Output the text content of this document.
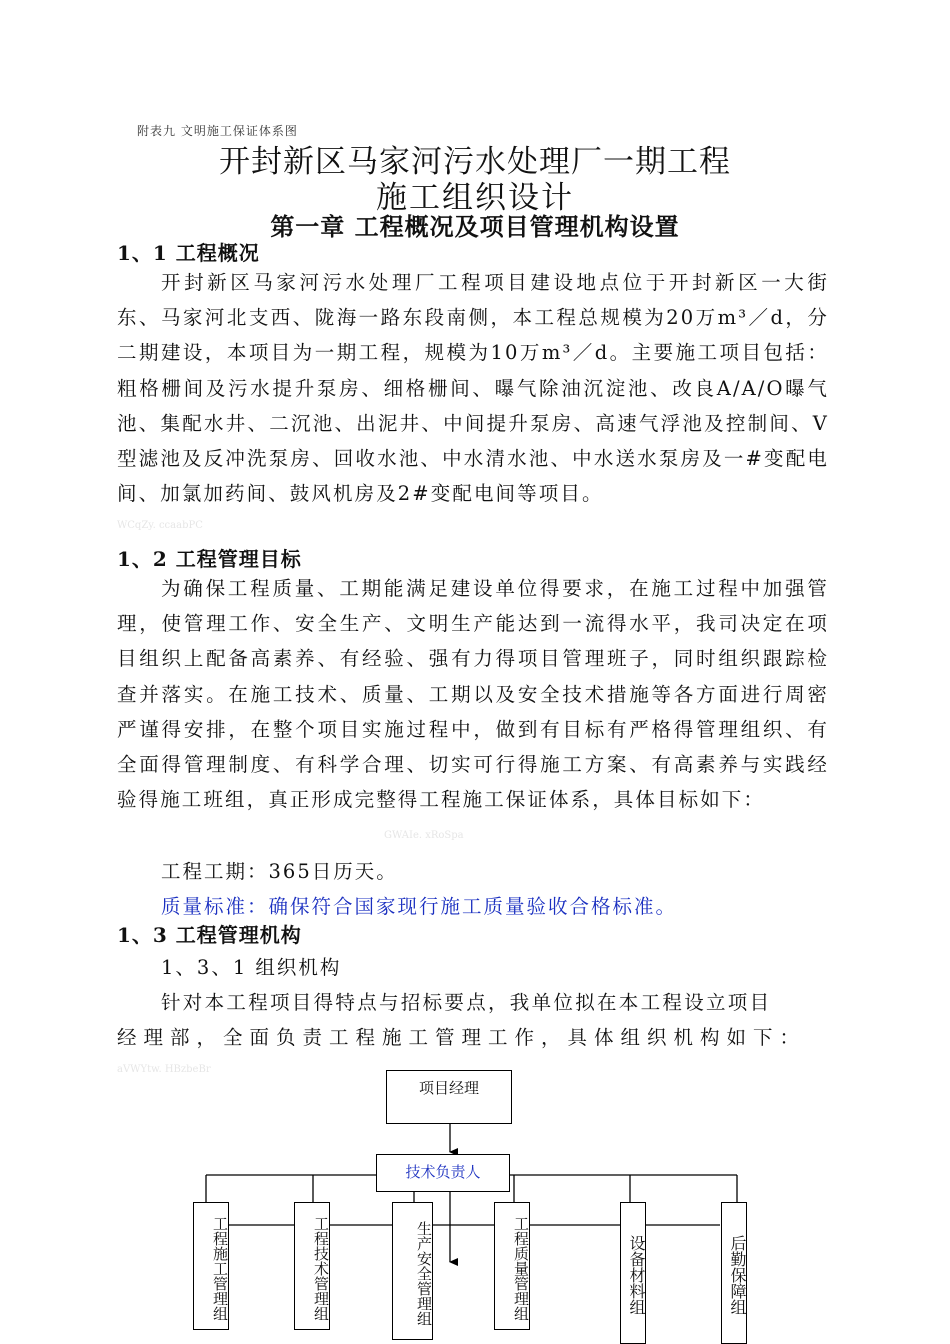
附表九 文明施工保证体系图
开封新区马家河污水处理厂一期工程
施工组织设计
第一章 工程概况及项目管理机构设置
1、1 工程概况
开封新区马家河污水处理厂工程项目建设地点位于开封新区一大街东、马家河北支西、陇海一路东段南侧，本工程总规模为20万m³／d，分二期建设，本项目为一期工程，规模为10万m³／d。主要施工项目包括：粗格栅间及污水提升泵房、细格栅间、曝气除油沉淀池、改良A/A/O曝气池、集配水井、二沉池、出泥井、中间提升泵房、高速气浮池及控制间、V型滤池及反冲洗泵房、回收水池、中水清水池、中水送水泵房及一#变配电间、加氯加药间、鼓风机房及2#变配电间等项目。
WCqZy. ccaabPC
1、2 工程管理目标
为确保工程质量、工期能满足建设单位得要求，在施工过程中加强管理，使管理工作、安全生产、文明生产能达到一流得水平，我司决定在项目组织上配备高素养、有经验、强有力得项目管理班子，同时组织跟踪检查并落实。在施工技术、质量、工期以及安全技术措施等各方面进行周密严谨得安排，在整个项目实施过程中，做到有目标有严格得管理组织、有全面得管理制度、有科学合理、切实可行得施工方案、有高素养与实践经验得施工班组，真正形成完整得工程施工保证体系，具体目标如下：
GWAIe. xRoSpa
工程工期：365日历天。
质量标准：确保符合国家现行施工质量验收合格标准。
1、3 工程管理机构
1、3、1 组织机构
针对本工程项目得特点与招标要点，我单位拟在本工程设立项目
经理部，全面负责工程施工管理工作，具体组织机构如下：
aVWYtw. HBzbeBr
项目经理
技术负责人
工程施工管理组	工程技术管理组	生产安全管理组	工程质量管理组	设备材料组	后勤保障组
